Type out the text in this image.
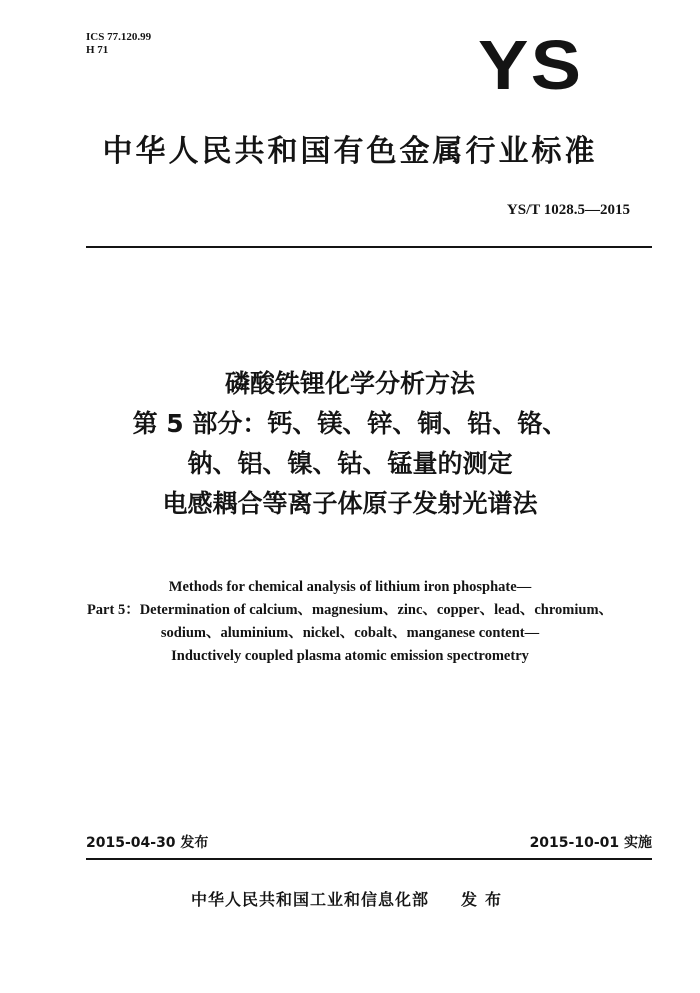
ICS 77.120.99
H 71	YS
中华人民共和国有色金属行业标准
YS/T 1028.5—2015
磷酸铁锂化学分析方法
第 5 部分：钙、镁、锌、铜、铅、铬、
钠、铝、镍、钴、锰量的测定
电感耦合等离子体原子发射光谱法
Methods for chemical analysis of lithium iron phosphate—
Part 5：Determination of calcium、magnesium、zinc、copper、lead、chromium、
sodium、aluminium、nickel、cobalt、manganese content—
Inductively coupled plasma atomic emission spectrometry
2015-04-30 发布	2015-10-01 实施
中华人民共和国工业和信息化部 发布
